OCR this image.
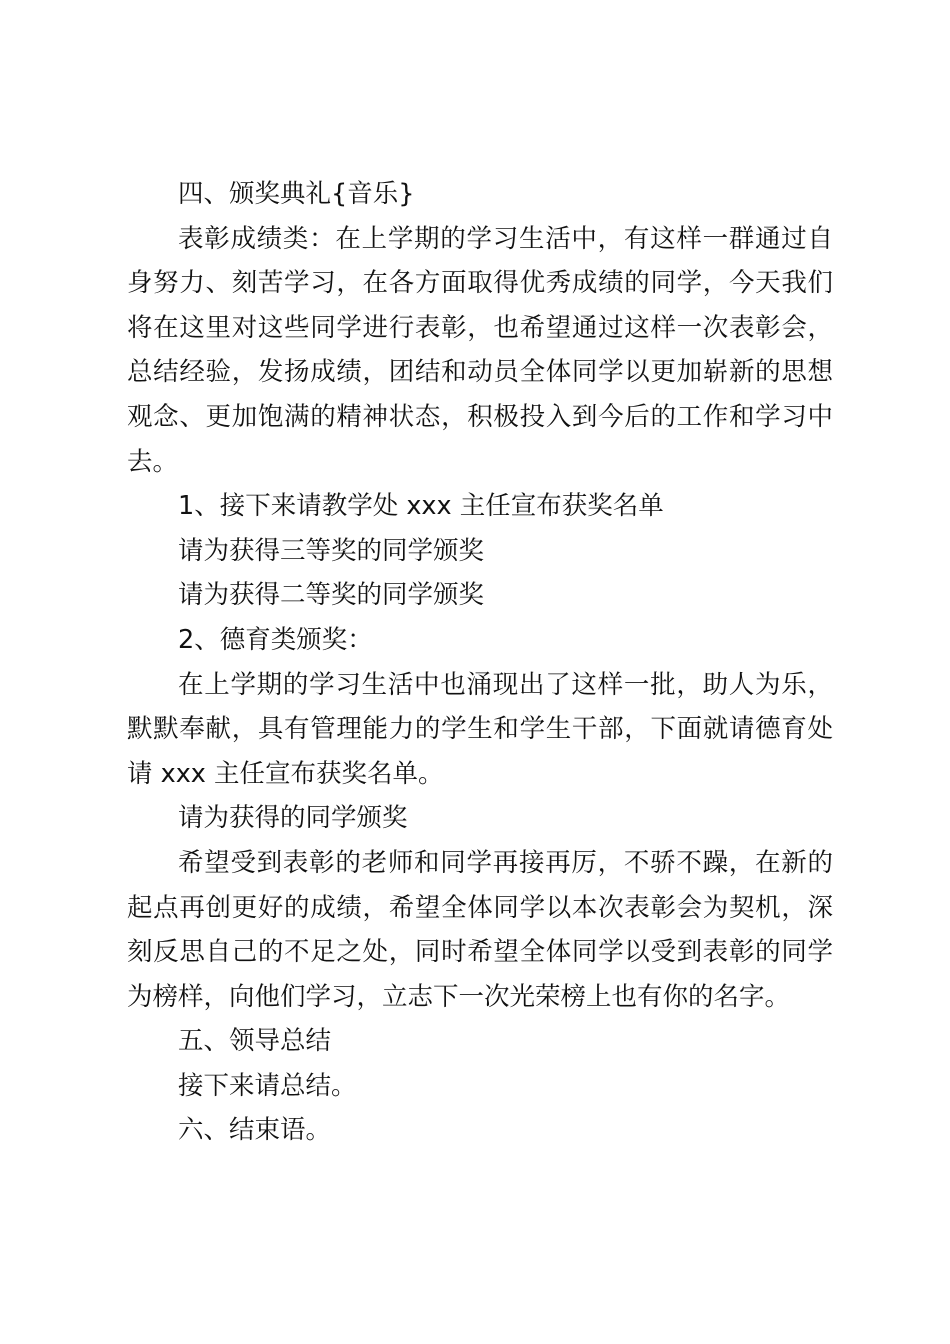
四、颁奖典礼{音乐}

表彰成绩类：在上学期的学习生活中，有这样一群通过自身努力、刻苦学习，在各方面取得优秀成绩的同学，今天我们将在这里对这些同学进行表彰，也希望通过这样一次表彰会，总结经验，发扬成绩，团结和动员全体同学以更加崭新的思想观念、更加饱满的精神状态，积极投入到今后的工作和学习中去。

1、接下来请教学处 xxx 主任宣布获奖名单

请为获得三等奖的同学颁奖

请为获得二等奖的同学颁奖

2、德育类颁奖：

在上学期的学习生活中也涌现出了这样一批，助人为乐，默默奉献，具有管理能力的学生和学生干部，下面就请德育处请 xxx 主任宣布获奖名单。

请为获得的同学颁奖

希望受到表彰的老师和同学再接再厉，不骄不躁，在新的起点再创更好的成绩，希望全体同学以本次表彰会为契机，深刻反思自己的不足之处，同时希望全体同学以受到表彰的同学为榜样，向他们学习，立志下一次光荣榜上也有你的名字。

五、领导总结

接下来请总结。

六、结束语。
